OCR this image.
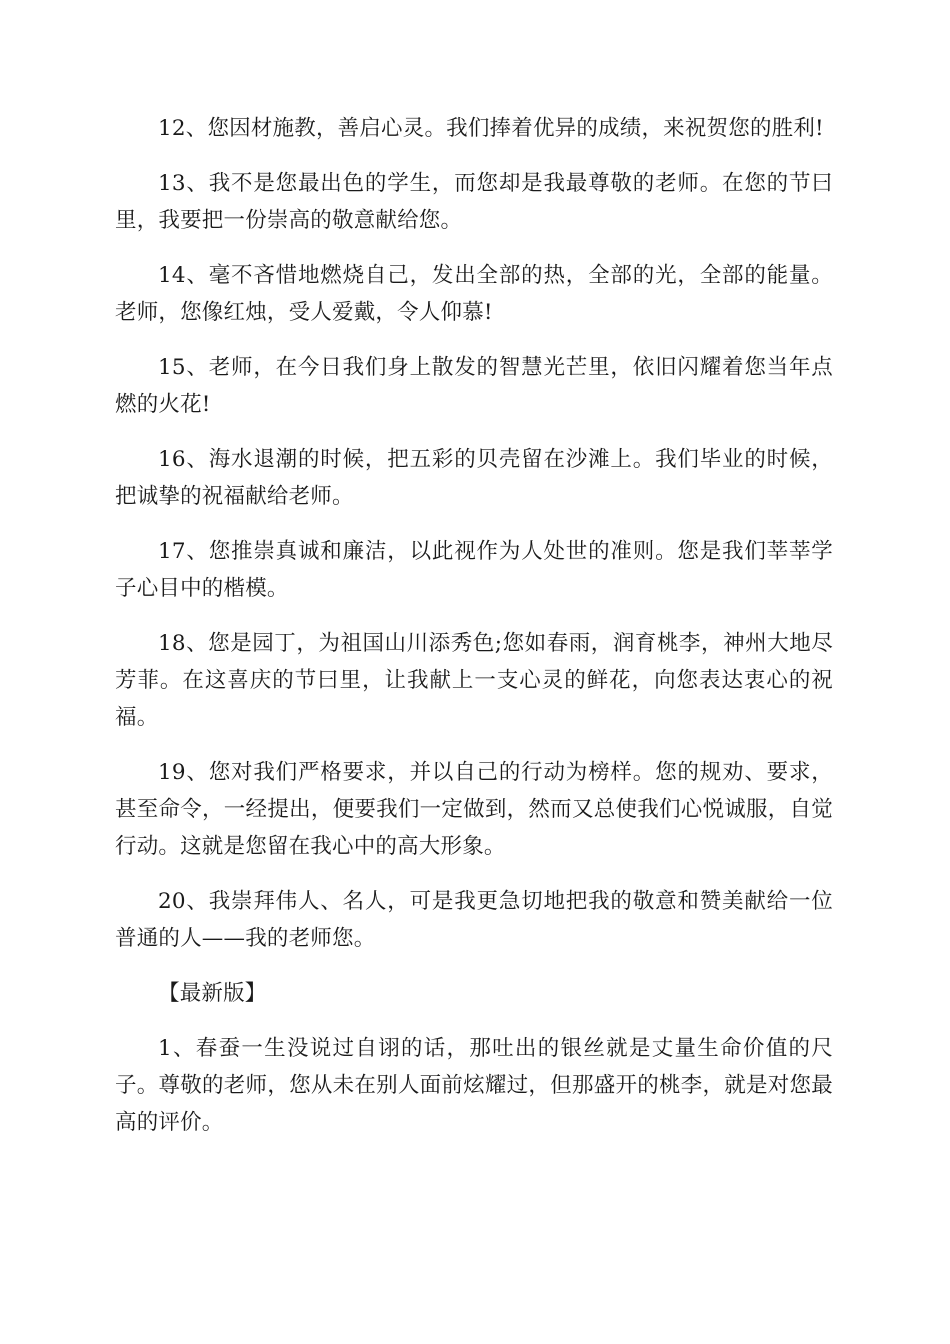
12、您因材施教，善启心灵。我们捧着优异的成绩，来祝贺您的胜利!

13、我不是您最出色的学生，而您却是我最尊敬的老师。在您的节曰里，我要把一份崇高的敬意献给您。

14、毫不吝惜地燃烧自己，发出全部的热，全部的光，全部的能量。老师，您像红烛，受人爱戴，令人仰慕!

15、老师，在今日我们身上散发的智慧光芒里，依旧闪耀着您当年点燃的火花!

16、海水退潮的时候，把五彩的贝壳留在沙滩上。我们毕业的时候，把诚挚的祝福献给老师。

17、您推崇真诚和廉洁，以此视作为人处世的准则。您是我们莘莘学子心目中的楷模。

18、您是园丁，为祖国山川添秀色;您如春雨，润育桃李，神州大地尽芳菲。在这喜庆的节曰里，让我献上一支心灵的鲜花，向您表达衷心的祝福。

19、您对我们严格要求，并以自己的行动为榜样。您的规劝、要求，甚至命令，一经提出，便要我们一定做到，然而又总使我们心悦诚服，自觉行动。这就是您留在我心中的高大形象。

20、我崇拜伟人、名人，可是我更急切地把我的敬意和赞美献给一位普通的人——我的老师您。

【最新版】

1、春蚕一生没说过自诩的话，那吐出的银丝就是丈量生命价值的尺子。尊敬的老师，您从未在别人面前炫耀过，但那盛开的桃李，就是对您最高的评价。
